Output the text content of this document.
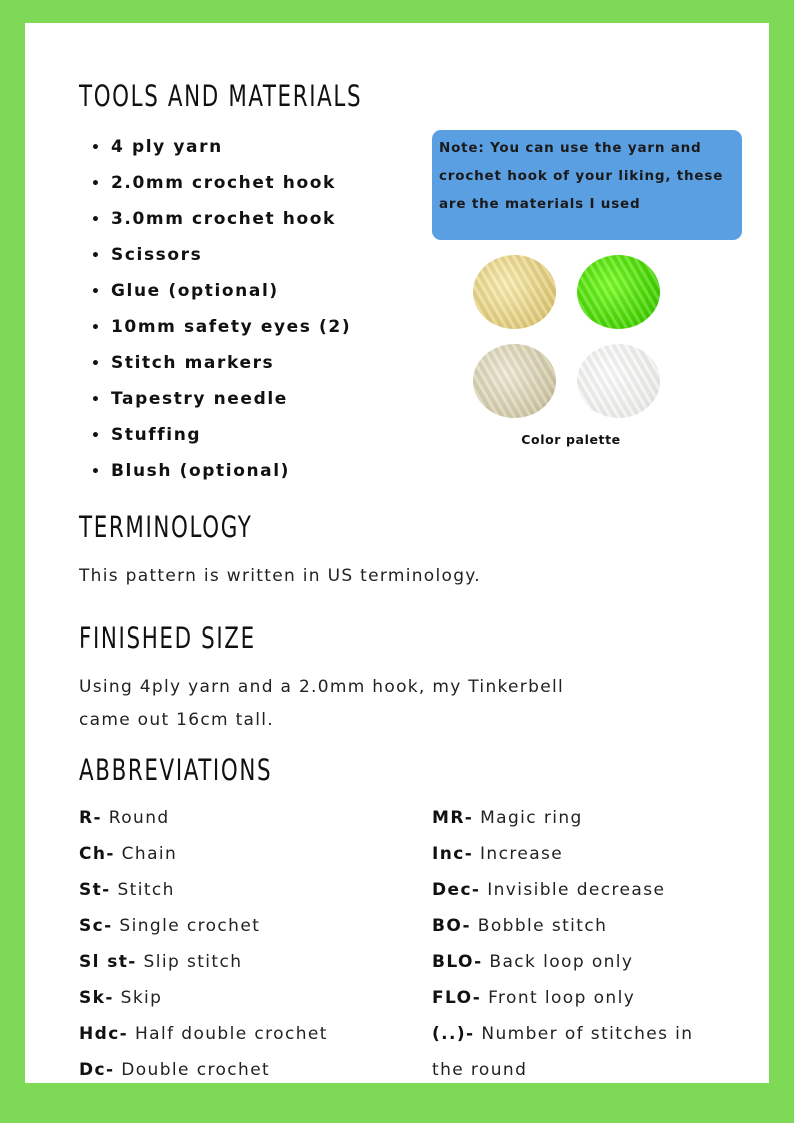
TOOLS AND MATERIALS
• 4 ply yarn
• 2.0mm crochet hook
• 3.0mm crochet hook
• Scissors
• Glue (optional)
• 10mm safety eyes (2)
• Stitch markers
• Tapestry needle
• Stuffing
• Blush (optional)
Note: You can use the yarn and crochet hook of your liking, these are the materials I used
Color palette
TERMINOLOGY

This pattern is written in US terminology.

FINISHED SIZE

Using 4ply yarn and a 2.0mm hook, my Tinkerbell

came out 16cm tall.

ABBREVIATIONS
R- Round
Ch- Chain
St- Stitch
Sc- Single crochet
Sl st- Slip stitch
Sk- Skip
Hdc- Half double crochet
Dc- Double crochet
MR- Magic ring
Inc- Increase
Dec- Invisible decrease
BO- Bobble stitch
BLO- Back loop only
FLO- Front loop only
(..)- Number of stitches in
the round
